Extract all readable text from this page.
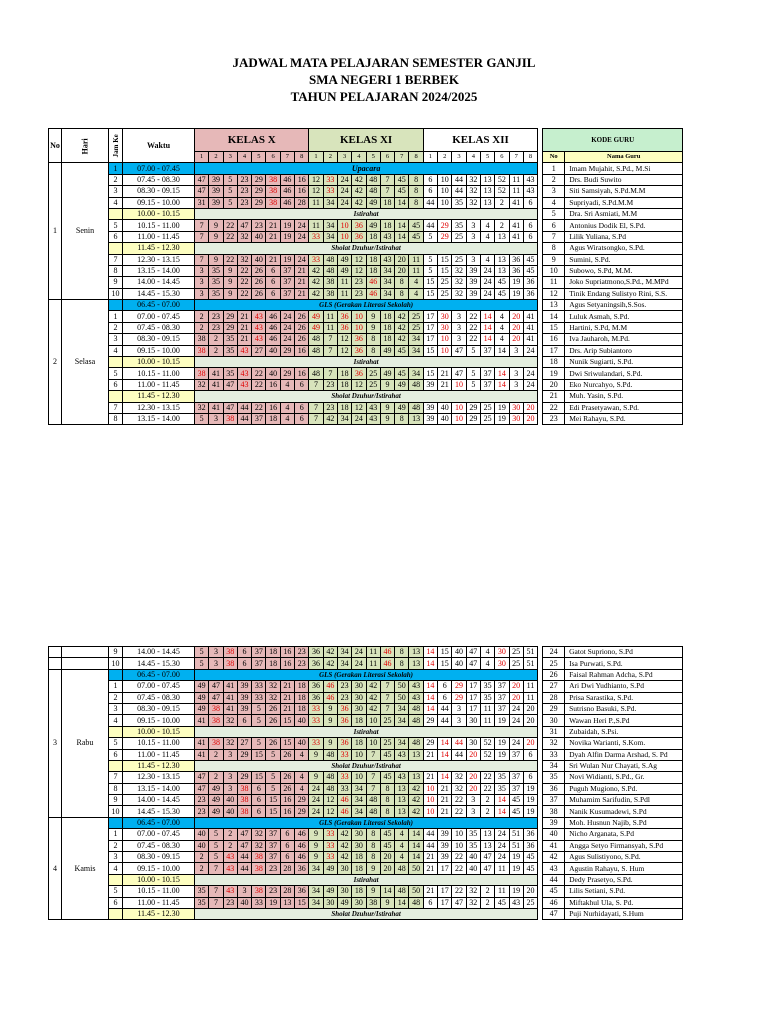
JADWAL MATA PELAJARAN SEMESTER GANJIL
SMA NEGERI 1 BERBEK
TAHUN PELAJARAN 2024/2025
No	Hari	Jam Ke	Waktu	KELAS X								KELAS XI								KELAS XII									KODE GURU	
				1	2	3	4	5	6	7	8	1	2	3	4	5	6	7	8	1	2	3	4	5	6	7	8		No	Nama Guru
1	Senin	1	07.00 - 07.45	Upacara																									1	Imam Mujahit, S.Pd., M.Si
		2	07.45 - 08.30	47	39	5	23	29	38	46	16	12	33	24	42	48	7	45	8	6	10	44	32	13	52	11	43		2	Drs. Budi Suwito
		3	08.30 - 09.15	47	39	5	23	29	38	46	16	12	33	24	42	48	7	45	8	6	10	44	32	13	52	11	43		3	Siti Samsiyah, S.Pd.M.M
		4	09.15 - 10.00	31	39	5	23	29	38	46	28	11	34	24	42	49	18	14	8	44	10	35	32	13	2	41	6		4	Supriyadi, S.Pd.M.M
			10.00 - 10.15	Istirahat																									5	Dra. Sri Asmiati, M.M
		5	10.15 - 11.00	7	9	22	47	23	21	19	24	11	34	10	36	49	18	14	45	44	29	35	3	4	2	41	6		6	Antonius Dodik El, S.Pd.
		6	11.00 - 11.45	7	9	22	32	40	21	19	24	33	34	10	36	18	43	14	45	5	29	25	3	4	13	41	6		7	Lilik Yuliana, S.Pd
			11.45 - 12.30	Sholat Dzuhur/Istirahat																									8	Agus Wiratsongko, S.Pd.
		7	12.30 - 13.15	7	9	22	32	40	21	19	24	33	48	49	12	18	43	20	11	5	15	25	3	4	13	36	45		9	Sumini, S.Pd.
		8	13.15 - 14.00	3	35	9	22	26	6	37	21	42	48	49	12	18	34	20	11	5	15	32	39	24	13	36	45		10	Subowo, S.Pd, M.M.
		9	14.00 - 14.45	3	35	9	22	26	6	37	21	42	38	11	23	46	34	8	4	15	25	32	39	24	45	19	36		11	Joko Supriatmono,S.Pd., M.MPd
		10	14.45 - 15.30	3	35	9	22	26	6	37	21	42	38	11	23	46	34	8	4	15	25	32	39	24	45	19	36		12	Tinik Endang Sulistyo Rini, S.S.
2	Selasa		06.45 - 07.00	GLS (Gerakan Literasi Sekolah)																									13	Agus Setyaningsih,S.Sos.
		1	07.00 - 07.45	2	23	29	21	43	46	24	26	49	11	36	10	9	18	42	25	17	30	3	22	14	4	20	41		14	Luluk Asmah, S.Pd.
		2	07.45 - 08.30	2	23	29	21	43	46	24	26	49	11	36	10	9	18	42	25	17	30	3	22	14	4	20	41		15	Hartini, S.Pd, M.M
		3	08.30 - 09.15	38	2	35	21	43	46	24	26	48	7	12	36	8	18	42	34	17	10	3	22	14	4	20	41		16	Iva Jauharoh, M.Pd.
		4	09.15 - 10.00	38	2	35	43	27	40	29	16	48	7	12	36	8	49	45	34	15	10	47	5	37	14	3	24		17	Drs. Arip Subiantoro
			10.00 - 10.15	Istirahat																									18	Nunik Sugiarti, S.Pd.
		5	10.15 - 11.00	38	41	35	43	22	40	29	16	48	7	18	36	25	49	45	34	15	21	47	5	37	14	3	24		19	Dwi Sriwulandari, S.Pd.
		6	11.00 - 11.45	32	41	47	43	22	16	4	6	7	23	18	12	25	9	49	48	39	21	10	5	37	14	3	24		20	Eko Nurcahyo, S.Pd.
			11.45 - 12.30	Sholat Dzuhur/Istirahat																									21	Muh. Yasin, S.Pd.
		7	12.30 - 13.15	32	41	47	44	22	16	4	6	7	23	18	12	43	9	49	48	39	40	10	29	25	19	30	20		22	Edi Prasetyawan, S.Pd.
		8	13.15 - 14.00	5	3	38	44	37	18	4	6	7	42	34	24	43	9	8	13	39	40	10	29	25	19	30	20		23	Mei Rahayu, S.Pd.
		9	14.00 - 14.45	5	3	38	6	37	18	16	23	36	42	34	24	11	46	8	13	14	15	40	47	4	30	25	51		24	Gatot Supriono, S.Pd
		10	14.45 - 15.30	5	3	38	6	37	18	16	23	36	42	34	24	11	46	8	13	14	15	40	47	4	30	25	51		25	Isa Purwati, S.Pd.
3	Rabu		06.45 - 07.00	GLS (Gerakan Literasi Sekolah)																									26	Faisal Rahman Adcha, S.Pd
		1	07.00 - 07.45	49	47	41	39	33	32	21	18	36	46	23	30	42	7	50	43	14	6	29	17	35	37	20	11		27	Ari Dwi Yudhianto, S.Pd
		2	07.45 - 08.30	49	47	41	39	33	32	21	18	36	46	23	30	42	7	50	43	14	6	29	17	35	37	20	11		28	Prisa Sarastika, S.Pd.
		3	08.30 - 09.15	49	38	41	39	5	26	21	18	33	9	36	30	42	7	34	48	14	44	3	17	11	37	24	20		29	Sutrisno Basuki, S.Pd.
		4	09.15 - 10.00	41	38	32	6	5	26	15	40	33	9	36	18	10	25	34	48	29	44	3	30	11	19	24	20		30	Wawan Heri P.,S.Pd
			10.00 - 10.15	Istirahat																									31	Zubaidah, S.Psi.
		5	10.15 - 11.00	41	38	32	27	5	26	15	40	33	9	36	18	10	25	34	48	29	14	44	30	52	19	24	20		32	Novika Warianti, S.Kom.
		6	11.00 - 11.45	41	2	3	29	15	5	26	4	9	48	33	10	7	45	43	13	21	14	44	20	52	19	37	6		33	Dyah Alfin Darma Arshad, S. Pd
			11.45 - 12.30	Sholat Dzuhur/Istirahat																									34	Sri Wulan Nur Chayati, S.Ag
		7	12.30 - 13.15	47	2	3	29	15	5	26	4	9	48	33	10	7	45	43	13	21	14	32	20	22	35	37	6		35	Novi Widianti, S.Pd., Gr.
		8	13.15 - 14.00	47	49	3	38	6	5	26	4	24	48	33	34	7	8	13	42	10	21	32	20	22	35	37	19		36	Puguh Mugiono, S.Pd.
		9	14.00 - 14.45	23	49	40	38	6	15	16	29	24	12	46	34	48	8	13	42	10	21	22	3	2	14	45	19		37	Muhamim Sarifudin, S.Pdl
		10	14.45 - 15.30	23	49	40	38	6	15	16	29	24	12	46	34	48	8	13	42	10	21	22	3	2	14	45	19		38	Nanik Kusumadewi, S.Pd
4	Kamis		06.45 - 07.00	GLS (Gerakan Literasi Sekolah)																									39	Moh. Husnun Najib, S.Pd
		1	07.00 - 07.45	40	5	2	47	32	37	6	46	9	33	42	30	8	45	4	14	44	39	10	35	13	24	51	36		40	Nicho Arganata, S.Pd
		2	07.45 - 08.30	40	5	2	47	32	37	6	46	9	33	42	30	8	45	4	14	44	39	10	35	13	24	51	36		41	Angga Setyo Firmansyah, S.Pd
		3	08.30 - 09.15	2	5	43	44	38	37	6	46	9	33	42	18	8	20	4	14	21	39	22	40	47	24	19	45		42	Agus Sulistiyono, S.Pd.
		4	09.15 - 10.00	2	7	43	44	38	23	28	36	34	49	30	18	9	20	48	50	21	17	22	40	47	11	19	45		43	Agustin Rahayu, S. Hum
			10.00 - 10.15	Istirahat																									44	Dedy Prasetyo, S.Pd.
		5	10.15 - 11.00	35	7	43	3	38	23	28	36	34	49	30	18	9	14	48	50	21	17	22	32	2	11	19	20		45	Lilis Setiani, S.Pd.
		6	11.00 - 11.45	35	7	23	40	33	19	13	15	34	30	49	30	38	9	14	48	6	17	47	32	2	45	43	25		46	Miftakhul Ula, S. Pd.
			11.45 - 12.30	Sholat Dzuhur/Istirahat																									47	Puji Nurhidayati, S.Hum
